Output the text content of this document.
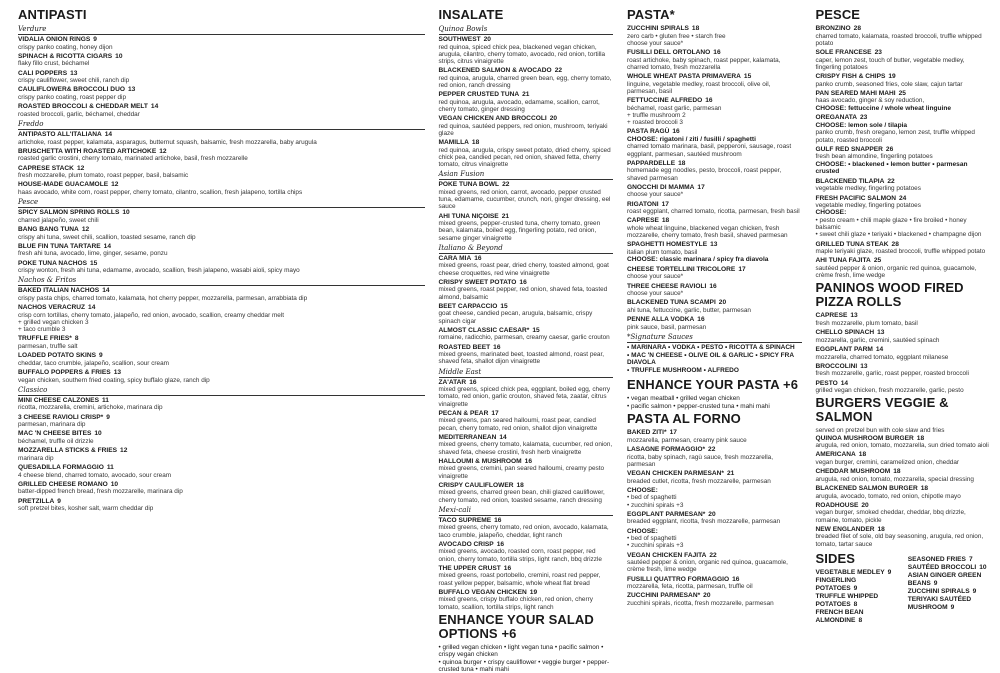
ANTIPASTI
Verdure
VIDALIA ONION RINGS 9
crispy panko coating, honey dijon
SPINACH & RICOTTA CIGARS 10
flaky fillo crust, béchamel
CALI POPPERS 13
crispy cauliflower, sweet chili, ranch dip
CAULIFLOWER& BROCCOLI DUO 13
crispy panko coating, roast pepper dip
ROASTED BROCCOLI & CHEDDAR MELT 14
roasted broccoli, garlic, béchamel, cheddar
Freddo
ANTIPASTO ALL'ITALIANA 14
artichoke, roast pepper, kalamata, asparagus, butternut squash, balsamic, fresh mozzarella, baby arugula
BRUSCHETTA WITH ROASTED ARTICHOKE 12
roasted garlic crostini, cherry tomato, marinated artichoke, basil, fresh mozzarelle
CAPRESE STACK 12
fresh mozzarelle, plum tomato, roast pepper, basil, balsamic
HOUSE-MADE GUACAMOLE 12
haas avocado, white corn, roast pepper, cherry tomato, cilantro, scallion, fresh jalapeno, tortilla chips
Pesce
SPICY SALMON SPRING ROLLS 10
charred jalapeño, sweet chili
BANG BANG TUNA 12
crispy ahi tuna, sweet chili, scallion, toasted sesame, ranch dip
BLUE FIN TUNA TARTARE 14
fresh ahi tuna, avocado, lime, ginger, sesame, ponzu
POKE TUNA NACHOS 15
crispy wonton, fresh ahi tuna, edamame, avocado, scallion, fresh jalapeno, wasabi aioli, spicy mayo
Nachos & Fritos
BAKED ITALIAN NACHOS 14
crispy pasta chips, charred tomato, kalamata, hot cherry pepper, mozzarella, parmesan, arrabbiata dip
NACHOS VERACRUZ 14
crisp corn tortillas, cherry tomato, jalapeño, red onion, avocado, scallion, creamy cheddar melt
+ grilled vegan chicken 3
+ taco crumble 3
TRUFFLE FRIES* 8
parmesan, truffle salt
LOADED POTATO SKINS 9
cheddar, taco crumble, jalapeño, scallion, sour cream
BUFFALO POPPERS & FRIES 13
vegan chicken, southern fried coating, spicy buffalo glaze, ranch dip
Classico
MINI CHEESE CALZONES 11
ricotta, mozzarella, cremini, artichoke, marinara dip
3 CHEESE RAVIOLI CRISP* 9
parmesan, marinara dip
MAC 'N CHEESE BITES 10
béchamel, truffle oil drizzle
MOZZARELLA STICKS & FRIES 12
marinara dip
QUESADILLA FORMAGGIO 11
4 cheese blend, charred tomato, avocado, sour cream
GRILLED CHEESE ROMANO 10
batter-dipped french bread, fresh mozzarelle, marinara dip
PRETZILLA 9
soft pretzel bites, kosher salt, warm cheddar dip
INSALATE
Quinoa Bowls
SOUTHWEST 20
red quinoa, spiced chick pea, blackened vegan chicken, arugula, cilantro, cherry tomato, avocado, red onion, tortilla strips, citrus vinaigrette
BLACKENED SALMON & AVOCADO 22
red quinoa, arugula, charred green bean, egg, cherry tomato, red onion, ranch dressing
PEPPER CRUSTED TUNA 21
red quinoa, arugula, avocado, edamame, scallion, carrot, cherry tomato, ginger dressing
VEGAN CHICKEN AND BROCCOLI 20
red quinoa, sautéed peppers, red onion, mushroom, teriyaki glaze
MAMILLA 18
red quinoa, arugula, crispy sweet potato, dried cherry, spiced chick pea, candied pecan, red onion, shaved fetta, cherry tomato, citrus vinaigrette
Asian Fusion
POKE TUNA BOWL 22
mixed greens, red onion, carrot, avocado, pepper crusted tuna, edamame, cucumber, crunch, nori, ginger dressing, eel sauce
AHI TUNA NIÇOISE 21
mixed greens, pepper-crusted tuna, cherry tomato, green bean, kalamata, boiled egg, fingerling potato, red onion, sesame ginger vinaigrette
Italiano & Beyond
CARA MIA 16
mixed greens, roast pear, dried cherry, toasted almond, goat cheese croquettes, red wine vinaigrette
CRISPY SWEET POTATO 16
mixed greens, roast pepper, red onion, shaved feta, toasted almond, balsamic
BEET CARPACCIO 15
goat cheese, candied pecan, arugula, balsamic, crispy spinach cigar
ALMOST CLASSIC CAESAR* 15
romaine, radicchio, parmesan, creamy caesar, garlic crouton
ROASTED BEET 16
mixed greens, marinated beet, toasted almond, roast pear, shaved feta, shallot dijon vinaigrette
Middle East
ZA'ATAR 16
mixed greens, spiced chick pea, eggplant, boiled egg, cherry tomato, red onion, garlic crouton, shaved feta, zaatar, citrus vinaigrette
PECAN & PEAR 17
mixed greens, pan seared halloumi, roast pear, candied pecan, cherry tomato, red onion, shallot dijon vinaigrette
MEDITERRANEAN 14
mixed greens, cherry tomato, kalamata, cucumber, red onion, shaved feta, cheese crostini, fresh herb vinaigrette
HALLOUMI & MUSHROOM 16
mixed greens, cremini, pan seared halloumi, creamy pesto vinaigrette
CRISPY CAULIFLOWER 18
mixed greens, charred green bean, chili glazed cauliflower, cherry tomato, red onion, toasted sesame, ranch dressing
Mexi-cali
TACO SUPREME 16
mixed greens, cherry tomato, red onion, avocado, kalamata, taco crumble, jalapeño, cheddar, light ranch
AVOCADO CRISP 16
mixed greens, avocado, roasted corn, roast pepper, red onion, cherry tomato, tortilla strips, light ranch, bbq drizzle
THE UPPER CRUST 16
mixed greens, roast portobello, cremini, roast red pepper, roast yellow pepper, balsamic, whole wheat flat bread
BUFFALO VEGAN CHICKEN 19
mixed greens, crispy buffalo chicken, red onion, cherry tomato, scallion, tortilla strips, light ranch
ENHANCE YOUR SALAD OPTIONS +6
• grilled vegan chicken • light vegan tuna • pacific salmon • crispy vegan chicken
• quinoa burger • crispy cauliflower • veggie burger • pepper-crusted tuna • mahi mahi
PASTA*
ZUCCHINI SPIRALS 18
zero carb • gluten free • starch free
choose your sauce*
FUSILLI DELL ORTOLANO 16
roast artichoke, baby spinach, roast pepper, kalamata, charred tomato, fresh mozzarella
WHOLE WHEAT PASTA PRIMAVERA 15
linguine, vegetable medley, roast broccoli, olive oil, parmesan, basil
FETTUCCINE ALFREDO 16
béchamel, roast garlic, parmesan
+ truffle mushroom 2
+ roasted broccoli 3
PASTA RAGÙ 16
CHOOSE: rigatoni / ziti / fusilli / spaghetti
charred tomato marinara, basil, pepperoni, sausage, roast eggplant, parmesan, sautéed mushroom
PAPPARDELLE 18
homemade egg noodles, pesto, broccoli, roast pepper, shaved parmesan
GNOCCHI DI MAMMA 17
choose your sauce*
RIGATONI 17
roast eggplant, charred tomato, ricotta, parmesan, fresh basil
CAPRESE 18
whole wheat linguine, blackened vegan chicken, fresh mozzarelle, cherry tomato, fresh basil, shaved parmesan
SPAGHETTI HOMESTYLE 13
italian plum tomato, basil
CHOOSE: classic marinara / spicy fra diavola
CHEESE TORTELLINI TRICOLORE 17
choose your sauce*
THREE CHEESE RAVIOLI 16
choose your sauce*
BLACKENED TUNA SCAMPI 20
ahi tuna, fettuccine, garlic, butter, parmesan
PENNE ALLA VODKA 16
pink sauce, basil, parmesan
*Signature Sauces
• MARINARA • VODKA • PESTO • RICOTTA & SPINACH
• MAC 'N CHEESE • OLIVE OIL & GARLIC • SPICY FRA DIAVOLA
• TRUFFLE MUSHROOM • ALFREDO
ENHANCE YOUR PASTA +6
• vegan meatball • grilled vegan chicken
• pacific salmon • pepper-crusted tuna • mahi mahi
PASTA AL FORNO
BAKED ZITI* 17
mozzarella, parmesan, creamy pink sauce
LASAGNE FORMAGGIO* 22
ricotta, baby spinach, ragù sauce, fresh mozzarella, parmesan
VEGAN CHICKEN PARMESAN* 21
breaded cutlet, ricotta, fresh mozzarelle, parmesan
CHOOSE:
• bed of spaghetti
• zucchini spirals +3
EGGPLANT PARMESAN* 20
breaded eggplant, ricotta, fresh mozzarelle, parmesan
CHOOSE:
• bed of spaghetti
• zucchini spirals +3
VEGAN CHICKEN FAJITA 22
sautéed pepper & onion, organic red quinoa, guacamole, crème fresh, lime wedge
FUSILLI QUATTRO FORMAGGIO 16
mozzarella, feta, ricotta, parmesan, truffle oil
ZUCCHINI PARMESAN* 20
zucchini spirals, ricotta, fresh mozzarelle, parmesan
PESCE
BRONZINO 28
charred tomato, kalamata, roasted broccoli, truffle whipped potato
SOLE FRANCESE 23
caper, lemon zest, touch of butter, vegetable medley, fingerling potatoes
CRISPY FISH & CHIPS 19
panko crumb, seasoned fries, cole slaw, cajun tartar
PAN SEARED MAHI MAHI 25
haas avocado, ginger & soy reduction,
CHOOSE: fettuccine / whole wheat linguine
OREGANATA 23
CHOOSE: lemon sole / tilapia
panko crumb, fresh oregano, lemon zest, truffle whipped potato, roasted broccoli
GULF RED SNAPPER 26
fresh bean almondine, fingerling potatoes
CHOOSE: • blackened • lemon butter • parmesan crusted
BLACKENED TILAPIA 22
vegetable medley, fingerling potatoes
FRESH PACIFIC SALMON 24
vegetable medley, fingerling potatoes
CHOOSE:
• pesto cream • chili maple glaze • fire broiled • honey balsamic
• sweet chili glaze • teriyaki • blackened • champagne dijon
GRILLED TUNA STEAK 28
maple teriyaki glaze, roasted broccoli, truffle whipped potato
AHI TUNA FAJITA 25
sautéed pepper & onion, organic red quinoa, guacamole, crème fresh, lime wedge
PANINOS WOOD FIRED PIZZA ROLLS
CAPRESE 13
fresh mozzarelle, plum tomato, basil
CHELLO SPINACH 13
mozzarella, garlic, cremini, sautéed spinach
EGGPLANT PARM 14
mozzarella, charred tomato, eggplant milanese
BROCCOLINI 13
fresh mozzarelle, garlic, roast pepper, roasted broccoli
PESTO 14
grilled vegan chicken, fresh mozzarelle, garlic, pesto
BURGERS VEGGIE & SALMON
served on pretzel bun with cole slaw and fries
QUINOA MUSHROOM BURGER 18
arugula, red onion, tomato, mozzarella, sun dried tomato aioli
AMERICANA 18
vegan burger, cremini, caramelized onion, cheddar
CHEDDAR MUSHROOM 18
arugula, red onion, tomato, mozzarella, special dressing
BLACKENED SALMON BURGER 18
arugula, avocado, tomato, red onion, chipotle mayo
ROADHOUSE 20
vegan burger, smoked cheddar, cheddar, bbq drizzle, romaine, tomato, pickle
NEW ENGLANDER 18
breaded filet of sole, old bay seasoning, arugula, red onion, tomato, tartar sauce
SIDES
VEGETABLE MEDLEY 9
FINGERLING POTATOES 9
TRUFFLE WHIPPED POTATOES 8
FRENCH BEAN ALMONDINE 8
SEASONED FRIES 7
SAUTÉED BROCCOLI 10
ASIAN GINGER GREEN BEANS 9
ZUCCHINI SPIRALS 9
TERIYAKI SAUTÉED MUSHROOM 9
